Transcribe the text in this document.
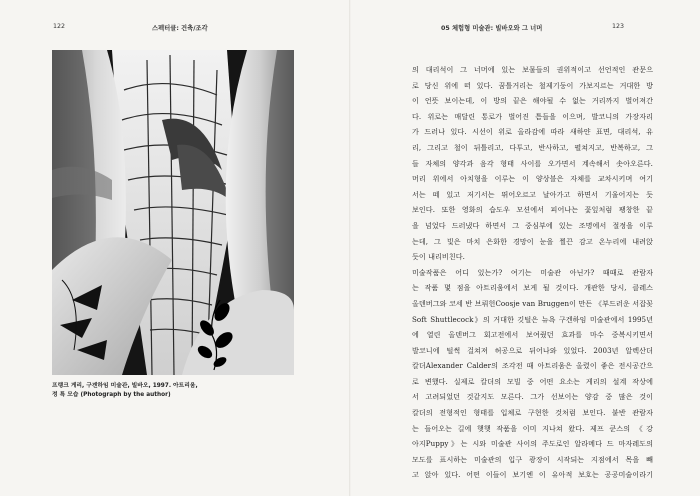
122	스펙터클: 건축/조각	05 체험형 미술관: 빌바오와 그 너머	123
프랭크 게리, 구겐하임 미술관, 빌바오, 1997. 아트리움,
정 특 모습 (Photograph by the author)
의 대리석이 그 너머에 있는 보물들의 권위적이고 선언적인 관문으
로 당신 위에 떠 있다. 꿈틀거리는 철제기둥이 가보지르는 거대한 방
이 언뜻 보이는데, 이 방의 끝은 해야될 수 없는 거리까지 벌어져간
다. 위로는 매달린 통로가 벌어진 틈들을 이으며, 발코니의 가장자리
가 드러나 있다. 시선이 위로 올라감에 따라 새하얀 표면, 대리석, 유
리, 그리고 철이 뒤틀리고, 다투고, 반사하고, 펼쳐지고, 반복하고, 그
들 자체의 양각과 음각 형태 사이를 오가면서 계속해서 솟아오른다.
머리 위에서 아치형을 이루는 이 양상블은 자체를 교차시키며 여기
서는 떼 있고 저기서는 뛰어오르고 날아가고 하면서 기울어지는 듯
보인다. 또한 영화의 습도우 모션에서 피어나는 꽃잎처럼 팽창한 끝
을 넘었다 드러냈다 하면서 그 중심부에 있는 조명에서 절정을 이루
는데, 그 빛은 마치 은화한 경망이 눈을 찔끈 감고 온누리에 내려앉
듯이 내리비친다.
미술작품은 어디 있는가? 여기는 미술관 아닌가? 때때로 관람자
는 작품 몇 점을 아트리움에서 보게 될 것이다. 개관한 당시, 클레스
올덴버그와 코세 반 브뤼헌Coosje van Bruggen이 만든 《부드러운 서잡꽂
Soft Shuttlecock》의 거대한 깃털은 뉴욕 구겐하임 미술관에서 1995년
에 열린 올덴버그 회고전에서 보여줬던 효과를 마수 중복시키면서
발코니에 털썩 걸쳐져 허공으로 뒤어나와 있었다. 2003년 알렉산더
칼더Alexander Calder의 조각전 때 아트리움은 올렸이 좋은 전시공간으
로 변했다. 실제로 칼더의 모빌 중 어떤 요소는 게리의 설계 작상에
서 고려되었던 것같지도 모른다. 그가 선보이는 양감 중 많은 것이
칼더의 전형적인 형태를 입체로 구현한 것처럼 보인다. 붙반 관람자
는 들어오는 길에 햇햇 작품을 이미 지나쳐 왔다. 제프 쿤스의 《강
아지Puppy》는 시와 미술관 사이의 주도로인 알라메다 드 마자레도의
모도를 표시하는 미술관의 입구 광장이 시작되는 지점에서 목을 빼
고 앉아 있다. 어떤 이들이 보기엔 이 유아적 보호는 공공미술이라기
